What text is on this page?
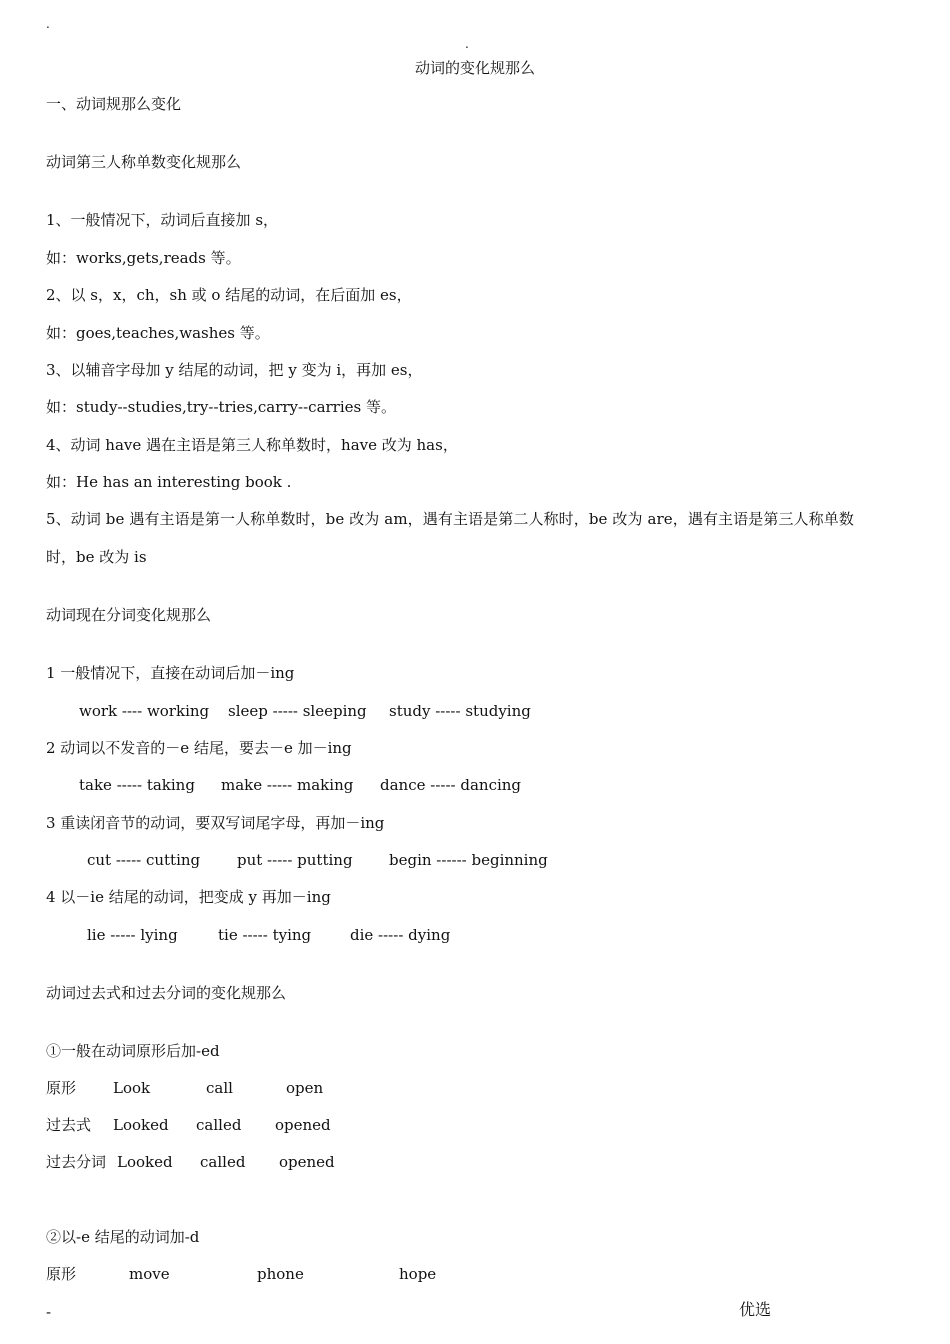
.
.
动词的变化规那么
一、动词规那么变化
动词第三人称单数变化规那么
1、一般情况下，动词后直接加 s，
如：works,gets,reads 等。
2、以 s，x，ch，sh 或 o 结尾的动词，在后面加 es，
如：goes,teaches,washes 等。
3、以辅音字母加 y 结尾的动词，把 y 变为 i，再加 es，
如：study--studies,try--tries,carry--carries 等。
4、动词 have 遇在主语是第三人称单数时，have 改为 has，
如：He has an interesting book .
5、动词 be 遇有主语是第一人称单数时，be 改为 am，遇有主语是第二人称时，be 改为 are，遇有主语是第三人称单数
时，be 改为 is
动词现在分词变化规那么
1 一般情况下，直接在动词后加－ing
work ---- working sleep ----- sleeping study ----- studying
2 动词以不发音的－e 结尾，要去－e 加－ing
take ----- taking make ----- making dance ----- dancing
3 重读闭音节的动词，要双写词尾字母，再加－ing
cut ----- cutting put ----- putting begin ------ beginning
4 以－ie 结尾的动词，把变成 y 再加－ing
lie ----- lying	tie ----- tying	die ----- dying
动词过去式和过去分词的变化规那么
①一般在动词原形后加-ed
原形 Look	call	open
过去式 Looked called opened
过去分词 Looked called opened
②以-e 结尾的动词加-d
原形	move	phone	hope
-	优选
